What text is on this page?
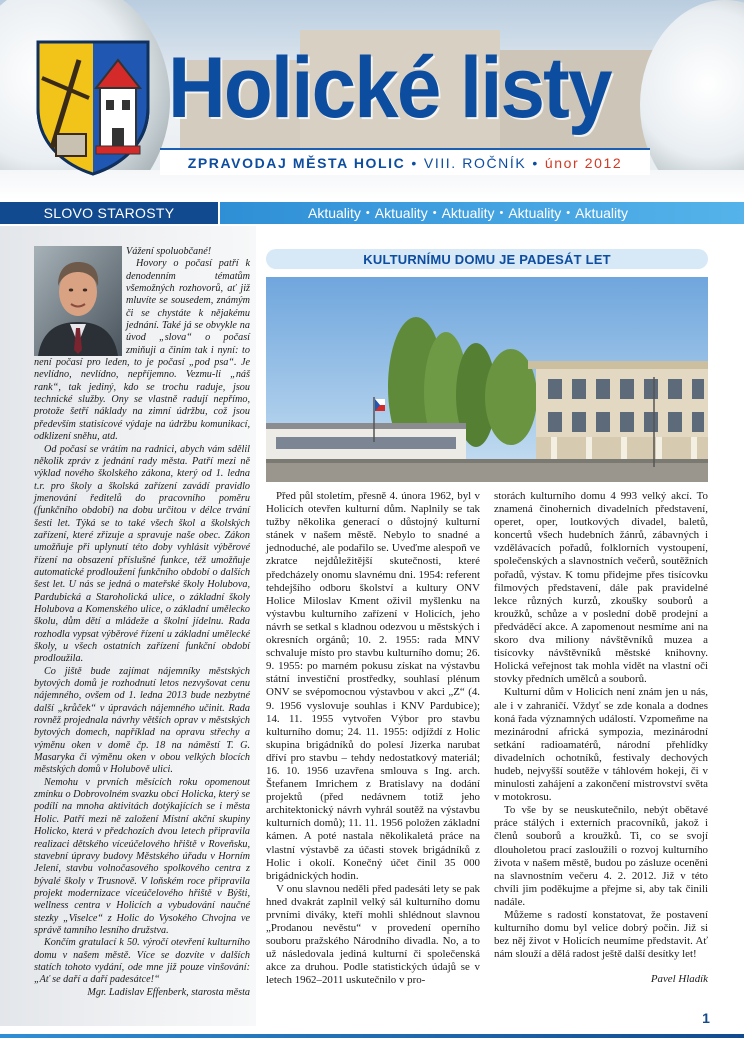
Holické listy
ZPRAVODAJ MĚSTA HOLIC • VIII. ROČNÍK • únor 2012
SLOVO STAROSTY	Aktuality • Aktuality • Aktuality • Aktuality • Aktuality

Vážení spoluobčané!

Hovory o počasí patří k denodenním tématům všemožných rozhovorů, ať již mluvíte se sousedem, známým či se chystáte k nějakému jednání. Také já se obvykle na úvod „slova“ o počasí zmiňuji a činím tak i nyní: to není počasí pro leden, to je počasí „pod psa“. Je nevlídno, nevlídno, nepříjemno. Vezmu-li „náš rank“, tak jediný, kdo se trochu raduje, jsou technické služby. Ony se vlastně radují nepřímo, protože šetří náklady na zimní údržbu, což jsou především statisícové výdaje na údržbu komunikací, odklizení sněhu, atd.

Od počasí se vrátím na radnici, abych vám sdělil několik zpráv z jednání rady města. Patří mezi ně výklad nového školského zákona, který od 1. ledna t.r. pro školy a školská zařízení zavádí pravidlo jmenování ředitelů do pracovního poměru (funkčního období) na dobu určitou v délce trvání šesti let. Týká se to také všech škol a školských zařízení, které zřizuje a spravuje naše obec. Zákon umožňuje při uplynutí této doby vyhlásit výběrové řízení na obsazení příslušné funkce, též umožňuje automatické prodloužení funkčního období o dalších šest let. U nás se jedná o mateřské školy Holubova, Pardubická a Staroholická ulice, o základní školy Holubova a Komenského ulice, o základní umělecko školu, dům dětí a mládeže a školní jídelnu. Rada rozhodla vypsat výběrové řízení u základní umělecké školy, u všech ostatních zařízení funkční období prodloužila.

Co jiště bude zajímat nájemníky městských bytových domů je rozhodnutí letos nezvyšovat cenu nájemného, ovšem od 1. ledna 2013 bude nezbytné další „krůček“ v úpravách nájemného učinit. Rada rovněž projednala návrhy větších oprav v městských bytových domech, například na opravu střechy a výměnu oken v domě čp. 18 na náměstí T. G. Masaryka či výměnu oken v obou velkých blocích městských domů v Holubově ulici.

Nemohu v prvních měsících roku opomenout zmínku o Dobrovolném svazku obcí Holicka, který se podílí na mnoha aktivitách dotýkajících se i města Holic. Patří mezi ně založení Místní akční skupiny Holicko, která v předchozích dvou letech připravila realizaci dětského víceúčelového hřiště v Roveňsku, stavební úpravy budovy Městského úřadu v Horním Jelení, stavbu volnočasového spolkového centra z bývalé školy v Trusnově. V loňském roce připravila projekt modernizace víceúčelového hřiště v Býšti, wellness centra v Holicích a vybudování naučné stezky „Viselce“ z Holic do Vysokého Chvojna ve správě tamního lesního družstva.

Končím gratulací k 50. výročí otevření kulturního domu v našem městě. Více se dozvíte v dalších statích tohoto vydání, ode mne již pouze vinšování: „Ať se daří a daří padesátce!“

Mgr. Ladislav Effenberk, starosta města

KULTURNÍMU DOMU JE PADESÁT LET

Před půl stoletím, přesně 4. února 1962, byl v Holicích otevřen kulturní dům. Naplnily se tak tužby několika generací o důstojný kulturní stánek v našem městě. Nebylo to snadné a jednoduché, ale podařilo se. Uveďme alespoň ve zkratce nejdůležitější skutečnosti, které předcházely onomu slavnému dni. 1954: referent tehdejšího odboru školství a kultury ONV Holice Miloslav Kment oživil myšlenku na výstavbu kulturního zařízení v Holicích, jeho návrh se setkal s kladnou odezvou u městských i okresních orgánů; 10. 2. 1955: rada MNV schvaluje místo pro stavbu kulturního domu; 26. 9. 1955: po marném pokusu získat na výstavbu státní investiční prostředky, souhlasí plénum ONV se svépomocnou výstavbou v akci „Z“ (4. 9. 1956 vyslovuje souhlas i KNV Pardubice); 14. 11. 1955 vytvořen Výbor pro stavbu kulturního domu; 24. 11. 1955: odjíždí z Holic skupina brigádníků do polesí Jizerka narubat dříví pro stavbu – tehdy nedostatkový materiál; 16. 10. 1956 uzavřena smlouva s Ing. arch. Štefanem Imrichem z Bratislavy na dodání projektů (před nedávnem totiž jeho architektonický návrh vyhrál soutěž na výstavbu kulturních domů); 11. 11. 1956 položen základní kámen. A poté nastala několikaletá práce na vlastní výstavbě za účasti stovek brigádníků z Holic i okolí. Konečný účet činil 35 000 brigádnických hodin.

V onu slavnou neděli před padesáti lety se pak hned dvakrát zaplnil velký sál kulturního domu prvními diváky, kteří mohli shlédnout slavnou „Prodanou nevěstu“ v provedení operního souboru pražského Národního divadla. No, a to už následovala jediná kulturní či společenská akce za druhou. Podle statistických údajů se v letech 1962–2011 uskutečnilo v pro-

storách kulturního domu 4 993 velký akcí. To znamená činohernich divadelních představení, operet, oper, loutkových divadel, baletů, koncertů všech hudebních žánrů, zábavných i vzdělávacích pořadů, folklorních vystoupení, společenských a slavnostních večerů, soutěžních pořadů, výstav. K tomu přidejme přes tisícovku filmových představení, dále pak pravidelné lekce různých kurzů, zkoušky souborů a kroužků, schůze a v poslední době prodejní a předváděcí akce. A zapomenout nesmíme ani na skoro dva miliony návštěvníků muzea a tisícovky návštěvníků městské knihovny. Holická veřejnost tak mohla vidět na vlastní oči stovky předních umělců a souborů.

Kulturní dům v Holicích není znám jen u nás, ale i v zahraničí. Vždyť se zde konala a dodnes koná řada významných událostí. Vzpomeňme na mezinárodní africká sympozia, mezinárodní setkání radioamatérů, národní přehlídky divadelních ochotníků, festivaly dechových hudeb, nejvyšší soutěže v táhlovém hokeji, či v minulosti zahájení a zakončení mistrovství světa v motokrosu.

To vše by se neuskutečnilo, nebýt obětavé práce stálých i externích pracovníků, jakož i členů souborů a kroužků. Ti, co se svojí dlouholetou prací zasloužili o rozvoj kulturního života v našem městě, budou po zásluze oceněni na slavnostním večeru 4. 2. 2012. Již v této chvíli jim poděkujme a přejme si, aby tak činili nadále.

Můžeme s radostí konstatovat, že postavení kulturního domu byl velice dobrý počin. Již si bez něj život v Holicích neumíme představit. Ať nám slouží a dělá radost ještě další desítky let!

Pavel Hladík

1
